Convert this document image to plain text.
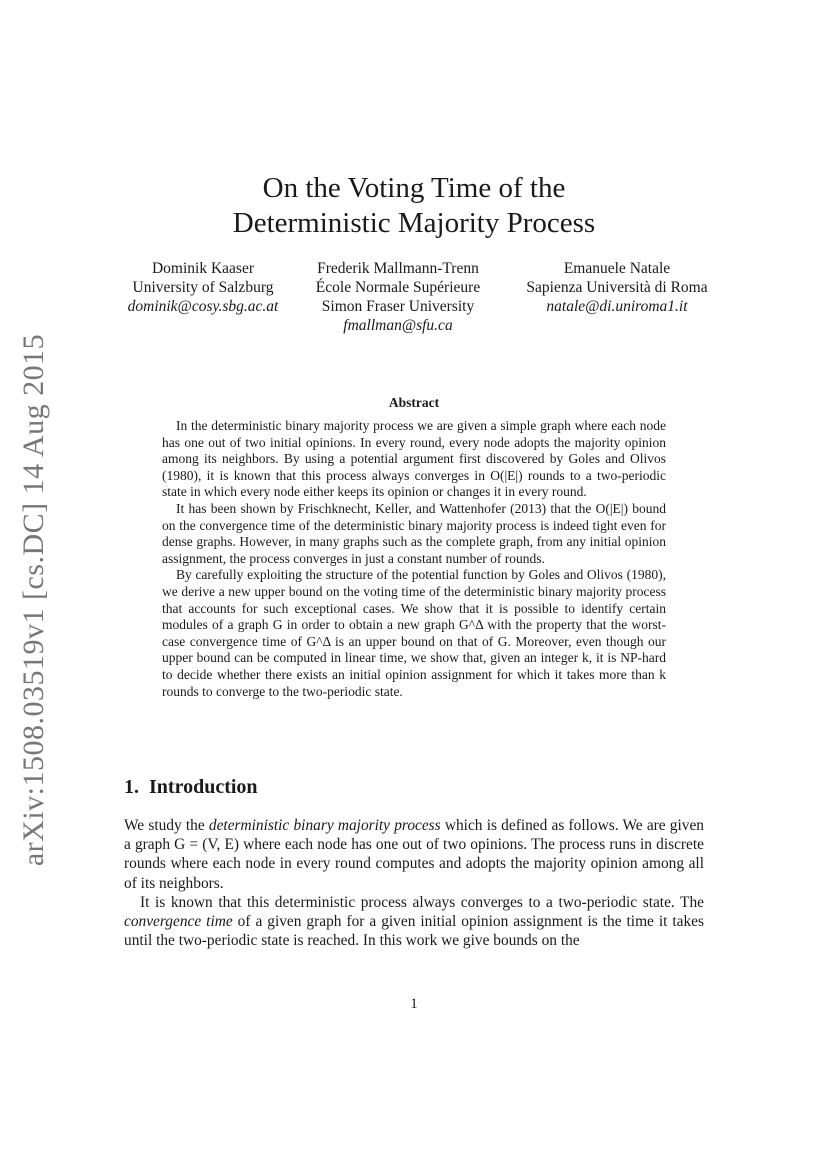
arXiv:1508.03519v1 [cs.DC] 14 Aug 2015
On the Voting Time of the
Deterministic Majority Process
Dominik Kaaser
University of Salzburg
dominik@cosy.sbg.ac.at
Frederik Mallmann-Trenn
École Normale Supérieure
Simon Fraser University
fmallman@sfu.ca
Emanuele Natale
Sapienza Università di Roma
natale@di.uniroma1.it
Abstract

In the deterministic binary majority process we are given a simple graph where each node has one out of two initial opinions. In every round, every node adopts the majority opinion among its neighbors. By using a potential argument first discovered by Goles and Olivos (1980), it is known that this process always converges in O(|E|) rounds to a two-periodic state in which every node either keeps its opinion or changes it in every round.

It has been shown by Frischknecht, Keller, and Wattenhofer (2013) that the O(|E|) bound on the convergence time of the deterministic binary majority process is indeed tight even for dense graphs. However, in many graphs such as the complete graph, from any initial opinion assignment, the process converges in just a constant number of rounds.

By carefully exploiting the structure of the potential function by Goles and Olivos (1980), we derive a new upper bound on the voting time of the deterministic binary majority process that accounts for such exceptional cases. We show that it is possible to identify certain modules of a graph G in order to obtain a new graph G^Δ with the property that the worst-case convergence time of G^Δ is an upper bound on that of G. Moreover, even though our upper bound can be computed in linear time, we show that, given an integer k, it is NP-hard to decide whether there exists an initial opinion assignment for which it takes more than k rounds to converge to the two-periodic state.

1. Introduction

We study the deterministic binary majority process which is defined as follows. We are given a graph G = (V, E) where each node has one out of two opinions. The process runs in discrete rounds where each node in every round computes and adopts the majority opinion among all of its neighbors.

It is known that this deterministic process always converges to a two-periodic state. The convergence time of a given graph for a given initial opinion assignment is the time it takes until the two-periodic state is reached. In this work we give bounds on the

1
